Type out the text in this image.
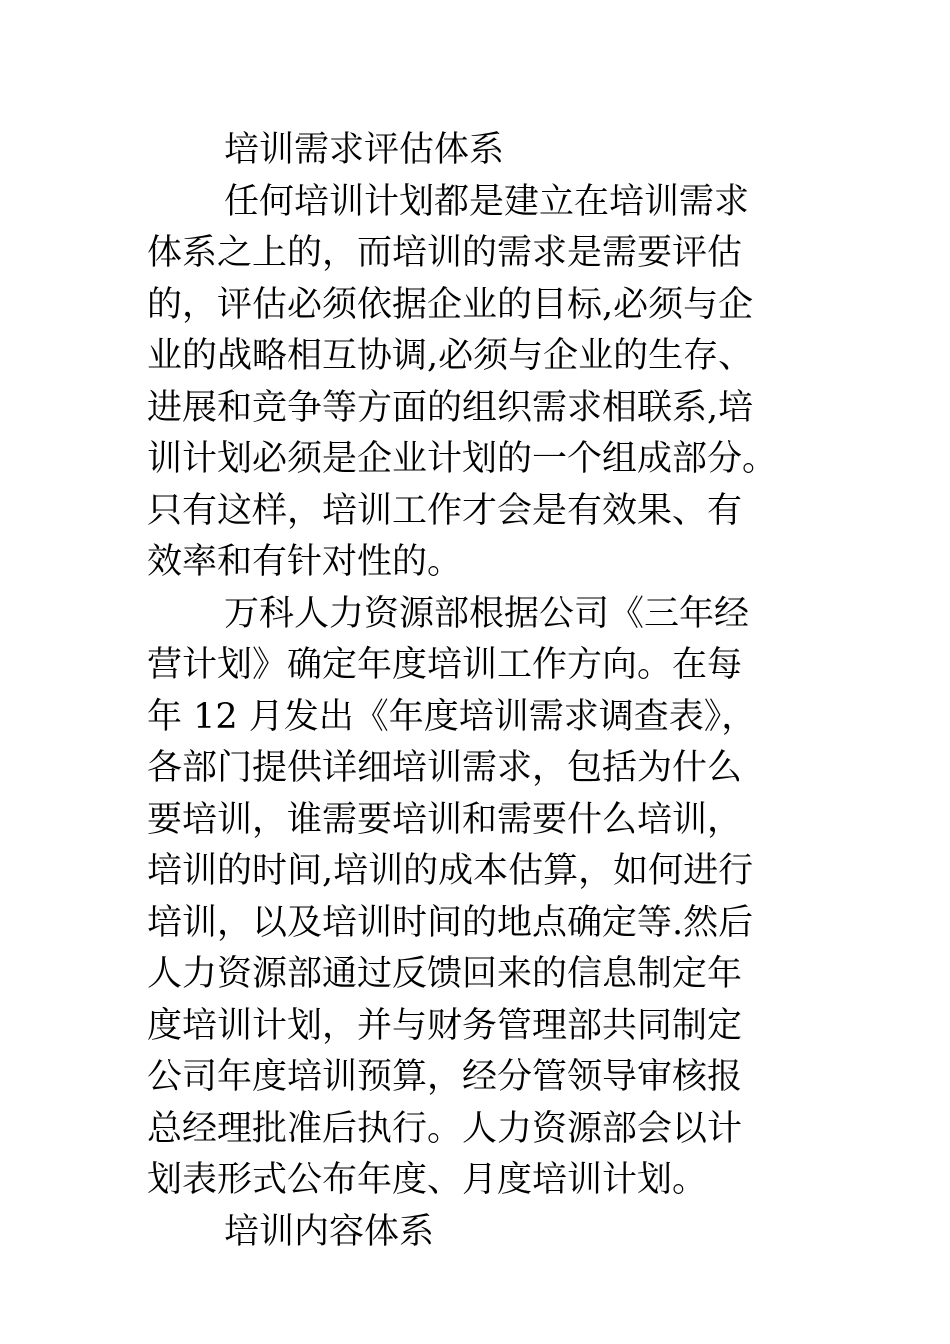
培训需求评估体系
任何培训计划都是建立在培训需求
体系之上的，而培训的需求是需要评估
的，评估必须依据企业的目标,必须与企
业的战略相互协调,必须与企业的生存、
进展和竞争等方面的组织需求相联系,培
训计划必须是企业计划的一个组成部分。
只有这样，培训工作才会是有效果、有
效率和有针对性的。
万科人力资源部根据公司《三年经
营计划》确定年度培训工作方向。在每
年 12 月发出《年度培训需求调查表》，
各部门提供详细培训需求，包括为什么
要培训，谁需要培训和需要什么培训，
培训的时间,培训的成本估算，如何进行
培训，以及培训时间的地点确定等.然后
人力资源部通过反馈回来的信息制定年
度培训计划，并与财务管理部共同制定
公司年度培训预算，经分管领导审核报
总经理批准后执行。人力资源部会以计
划表形式公布年度、月度培训计划。
培训内容体系
